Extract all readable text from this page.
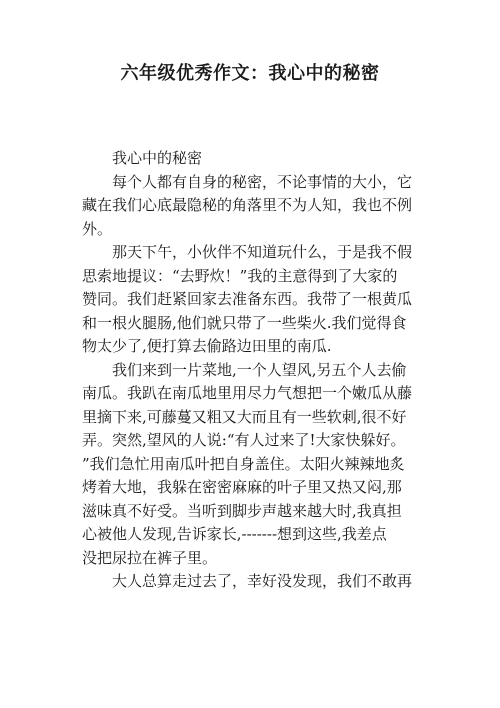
六年级优秀作文：我心中的秘密

我心中的秘密

每个人都有自身的秘密，不论事情的大小，它
藏在我们心底最隐秘的角落里不为人知，我也不例
外。

那天下午，小伙伴不知道玩什么，于是我不假
思索地提议：“去野炊！”我的主意得到了大家的
赞同。我们赶紧回家去准备东西。我带了一根黄瓜
和一根火腿肠,他们就只带了一些柴火.我们觉得食
物太少了,便打算去偷路边田里的南瓜.

我们来到一片菜地,一个人望风,另五个人去偷
南瓜。我趴在南瓜地里用尽力气想把一个嫩瓜从藤
里摘下来,可藤蔓又粗又大而且有一些软刺,很不好
弄。突然,望风的人说:“有人过来了!大家快躲好。
”我们急忙用南瓜叶把自身盖住。太阳火辣辣地炙
烤着大地，我躲在密密麻麻的叶子里又热又闷,那
滋味真不好受。当听到脚步声越来越大时,我真担
心被他人发现,告诉家长,-------想到这些,我差点
没把尿拉在裤子里。

大人总算走过去了，幸好没发现，我们不敢再
